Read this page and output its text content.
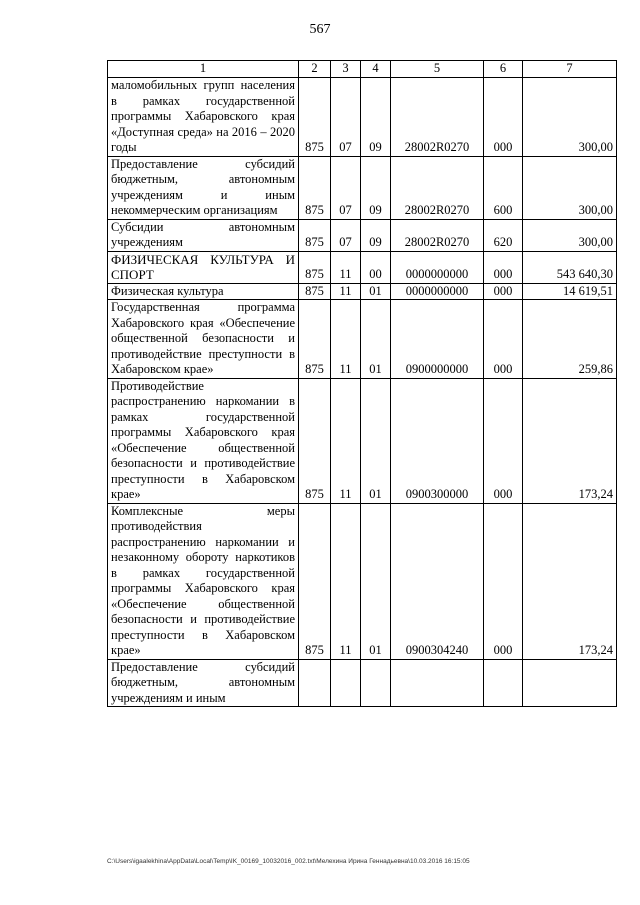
567
1	2	3	4	5	6	7
маломобильных групп населения в рамках государственной программы Хабаровского края «Доступная среда» на 2016 – 2020 годы	875	07	09	28002R0270	000	300,00
Предоставление субсидий бюджетным, автономным учреждениям и иным некоммерческим организациям	875	07	09	28002R0270	600	300,00
Субсидии автономным учреждениям	875	07	09	28002R0270	620	300,00
ФИЗИЧЕСКАЯ КУЛЬТУРА И СПОРТ	875	11	00	0000000000	000	543 640,30
Физическая культура	875	11	01	0000000000	000	14 619,51
Государственная программа Хабаровского края «Обеспечение общественной безопасности и противодействие преступности в Хабаровском крае»	875	11	01	0900000000	000	259,86
Противодействие распространению наркомании в рамках государственной программы Хабаровского края «Обеспечение общественной безопасности и противодействие преступности в Хабаровском крае»	875	11	01	0900300000	000	173,24
Комплексные меры противодействия распространению наркомании и незаконному обороту наркотиков в рамках государственной программы Хабаровского края «Обеспечение общественной безопасности и противодействие преступности в Хабаровском крае»	875	11	01	0900304240	000	173,24
Предоставление субсидий бюджетным, автономным учреждениям и иным						
C:\Users\igaalekhina\AppData\Local\Temp\IK_00169_10032016_002.txt\Мелехина Ирина Геннадьевна\10.03.2016 16:15:05
